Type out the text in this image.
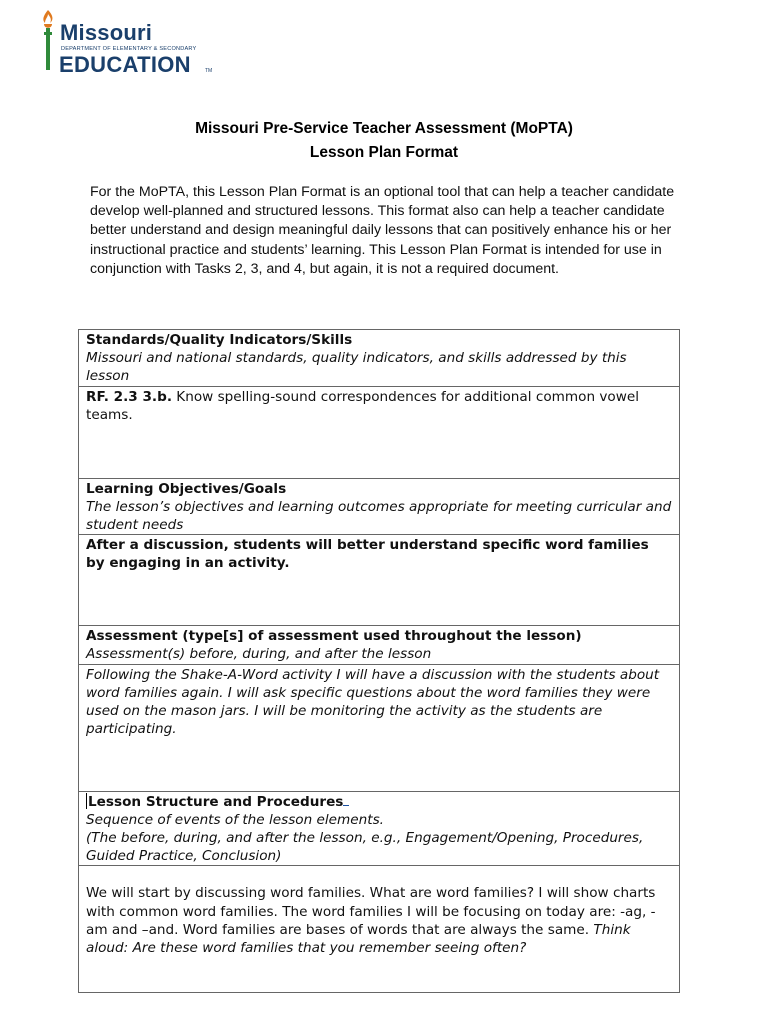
Missouri
DEPARTMENT OF ELEMENTARY & SECONDARY
EDUCATION	TM
Missouri Pre-Service Teacher Assessment (MoPTA)
Lesson Plan Format
For the MoPTA, this Lesson Plan Format is an optional tool that can help a teacher candidate develop well-planned and structured lessons. This format also can help a teacher candidate better understand and design meaningful daily lessons that can positively enhance his or her instructional practice and students’ learning. This Lesson Plan Format is intended for use in conjunction with Tasks 2, 3, and 4, but again, it is not a required document.
Standards/Quality Indicators/Skills
Missouri and national standards, quality indicators, and skills addressed by this lesson

RF. 2.3 3.b. Know spelling-sound correspondences for additional common vowel teams.

Learning Objectives/Goals
The lesson’s objectives and learning outcomes appropriate for meeting curricular and student needs

After a discussion, students will better understand specific word families by engaging in an activity.

Assessment (type[s] of assessment used throughout the lesson)
Assessment(s) before, during, and after the lesson

Following the Shake-A-Word activity I will have a discussion with the students about word families again. I will ask specific questions about the word families they were used on the mason jars. I will be monitoring the activity as the students are participating.

Lesson Structure and Procedures
Sequence of events of the lesson elements.
(The before, during, and after the lesson, e.g., Engagement/Opening, Procedures, Guided Practice, Conclusion)

We will start by discussing word families. What are word families? I will show charts with common word families. The word families I will be focusing on today are: -ag, -am and –and. Word families are bases of words that are always the same. Think aloud: Are these word families that you remember seeing often?
